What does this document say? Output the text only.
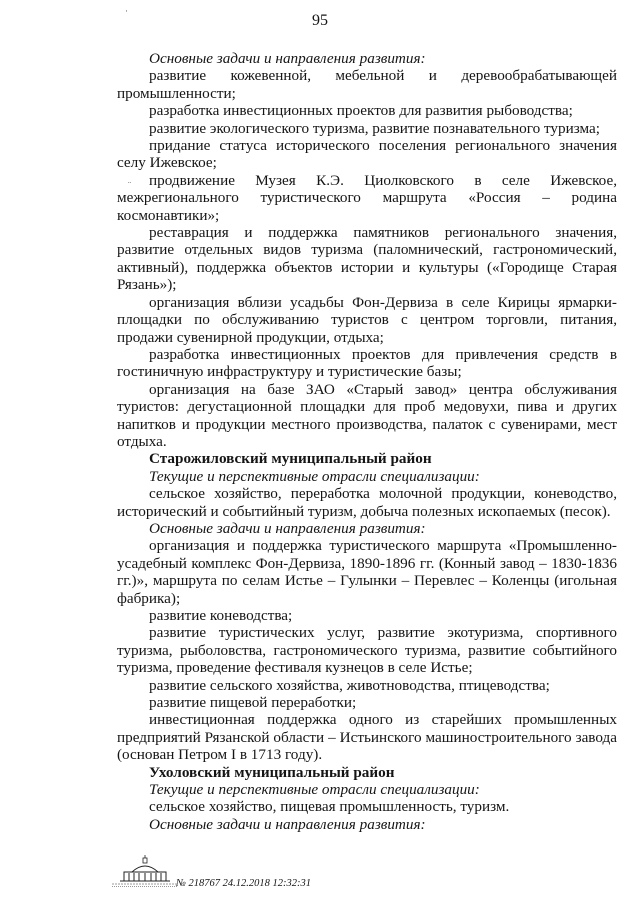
95

Основные задачи и направления развития:

развитие кожевенной, мебельной и деревообрабатывающей промышленности;

разработка инвестиционных проектов для развития рыбоводства;

развитие экологического туризма, развитие познавательного туризма;

придание статуса исторического поселения регионального значения селу Ижевское;

продвижение Музея К.Э. Циолковского в селе Ижевское, межрегионального туристического маршрута «Россия – родина космонавтики»;

реставрация и поддержка памятников регионального значения, развитие отдельных видов туризма (паломнический, гастрономический, активный), поддержка объектов истории и культуры («Городище Старая Рязань»);

организация вблизи усадьбы Фон-Дервиза в селе Кирицы ярмарки-площадки по обслуживанию туристов с центром торговли, питания, продажи сувенирной продукции, отдыха;

разработка инвестиционных проектов для привлечения средств в гостиничную инфраструктуру и туристические базы;

организация на базе ЗАО «Старый завод» центра обслуживания туристов: дегустационной площадки для проб медовухи, пива и других напитков и продукции местного производства, палаток с сувенирами, мест отдыха.

Старожиловский муниципальный район

Текущие и перспективные отрасли специализации:

сельское хозяйство, переработка молочной продукции, коневодство, исторический и событийный туризм, добыча полезных ископаемых (песок).

Основные задачи и направления развития:

организация и поддержка туристического маршрута «Промышленно-усадебный комплекс Фон-Дервиза, 1890-1896 гг. (Конный завод – 1830-1836 гг.)», маршрута по селам Истье – Гулынки – Перевлес – Коленцы (игольная фабрика);

развитие коневодства;

развитие туристических услуг, развитие экотуризма, спортивного туризма, рыболовства, гастрономического туризма, развитие событийного туризма, проведение фестиваля кузнецов в селе Истье;

развитие сельского хозяйства, животноводства, птицеводства;

развитие пищевой переработки;

инвестиционная поддержка одного из старейших промышленных предприятий Рязанской области – Истьинского машиностроительного завода (основан Петром I в 1713 году).

Ухоловский муниципальный район

Текущие и перспективные отрасли специализации:

сельское хозяйство, пищевая промышленность, туризм.

Основные задачи и направления развития:

№ 218767 24.12.2018 12:32:31
·
¨
